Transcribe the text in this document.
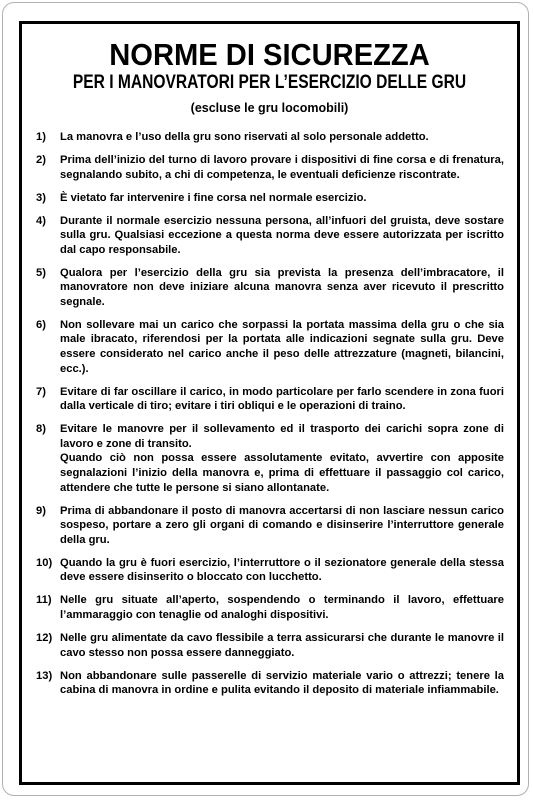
NORME DI SICUREZZA
PER I MANOVRATORI PER L’ESERCIZIO DELLE GRU

(escluse le gru locomobili)

1)	La manovra e l’uso della gru sono riservati al solo personale addetto.
2)	Prima dell’inizio del turno di lavoro provare i dispositivi di fine corsa e di frenatura, segnalando subito, a chi di competenza, le eventuali deficienze riscontrate.
3)	È vietato far intervenire i fine corsa nel normale esercizio.
4)	Durante il normale esercizio nessuna persona, all’infuori del gruista, deve sostare sulla gru. Qualsiasi eccezione a questa norma deve essere autorizzata per iscritto dal capo responsabile.
5)	Qualora per l’esercizio della gru sia prevista la presenza dell’imbracatore, il manovratore non deve iniziare alcuna manovra senza aver ricevuto il prescritto segnale.
6)	Non sollevare mai un carico che sorpassi la portata massima della gru o che sia male ibracato, riferendosi per la portata alle indicazioni segnate sulla gru. Deve essere considerato nel carico anche il peso delle attrezzature (magneti, bilancini, ecc.).
7)	Evitare di far oscillare il carico, in modo particolare per farlo scendere in zona fuori dalla verticale di tiro; evitare i tiri obliqui e le operazioni di traino.
8)	Evitare le manovre per il sollevamento ed il trasporto dei carichi sopra zone di lavoro e zone di transito.
Quando ciò non possa essere assolutamente evitato, avvertire con apposite segnalazioni l’inizio della manovra e, prima di effettuare il passaggio col carico, attendere che tutte le persone si siano allontanate.
9)	Prima di abbandonare il posto di manovra accertarsi di non lasciare nessun carico sospeso, portare a zero gli organi di comando e disinserire l’interruttore generale della gru.
10) Quando la gru è fuori esercizio, l’interruttore o il sezionatore generale della stessa deve essere disinserito o bloccato con lucchetto.
11) Nelle gru situate all’aperto, sospendendo o terminando il lavoro, effettuare l’ammaraggio con tenaglie od analoghi dispositivi.
12) Nelle gru alimentate da cavo flessibile a terra assicurarsi che durante le manovre il cavo stesso non possa essere danneggiato.
13) Non abbandonare sulle passerelle di servizio materiale vario o attrezzi; tenere la cabina di manovra in ordine e pulita evitando il deposito di materiale infiammabile.
